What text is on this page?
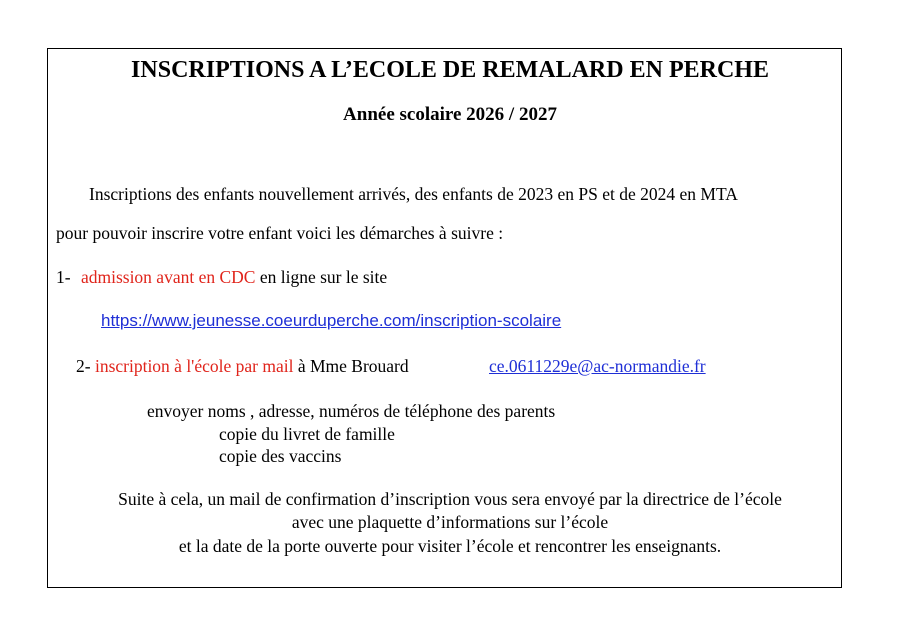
INSCRIPTIONS A L’ECOLE DE REMALARD EN PERCHE
Année scolaire 2026 / 2027
Inscriptions des enfants nouvellement arrivés, des enfants de 2023 en PS et de 2024 en MTA
pour pouvoir inscrire votre enfant voici les démarches à suivre :
1- admission avant en CDC en ligne sur le site
https://www.jeunesse.coeurduperche.com/inscription-scolaire
2- inscription à l'école par mail à Mme Brouard	ce.0611229e@ac-normandie.fr
envoyer noms , adresse, numéros de téléphone des parents
copie du livret de famille
copie des vaccins
Suite à cela, un mail de confirmation d’inscription vous sera envoyé par la directrice de l’école
avec une plaquette d’informations sur l’école
et la date de la porte ouverte pour visiter l’école et rencontrer les enseignants.
